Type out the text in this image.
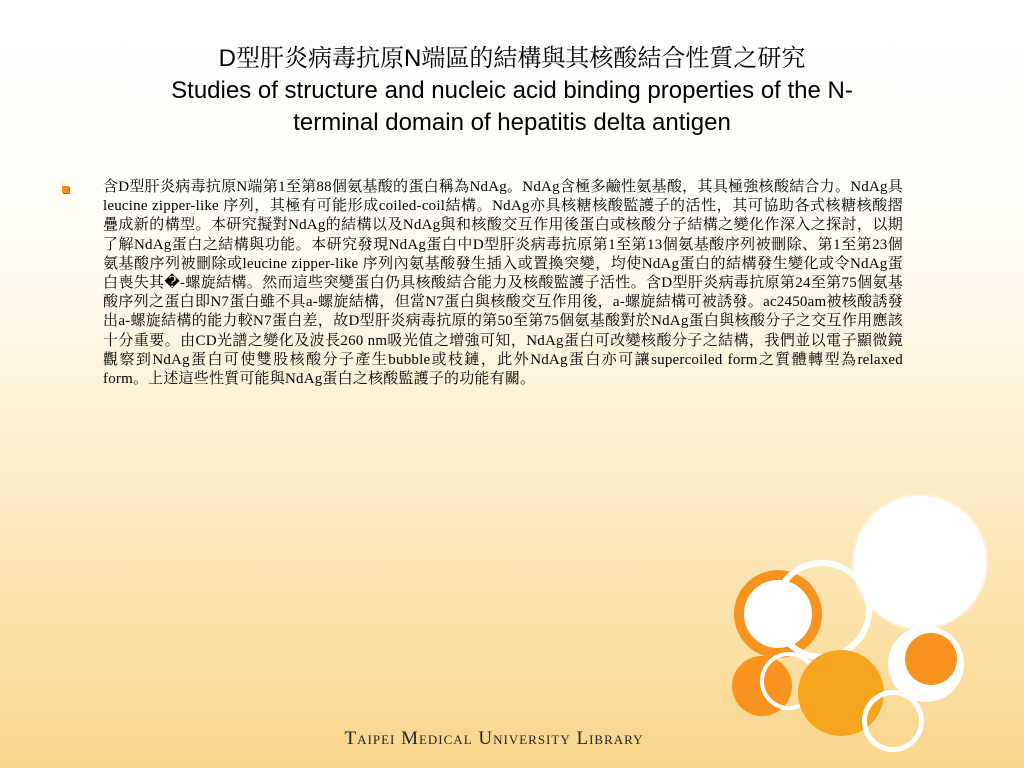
D型肝炎病毒抗原N端區的結構與其核酸結合性質之研究
Studies of structure and nucleic acid binding properties of the N-
terminal domain of hepatitis delta antigen
含D型肝炎病毒抗原N端第1至第88個氨基酸的蛋白稱為NdAg。NdAg含極多鹼性氨基酸，其具極強核酸結合力。NdAg具leucine zipper-like 序列，其極有可能形成coiled-coil結構。NdAg亦具核糖核酸監護子的活性，其可協助各式核糖核酸摺疊成新的構型。本研究擬對NdAg的結構以及NdAg與和核酸交互作用後蛋白或核酸分子結構之變化作深入之探討，以期了解NdAg蛋白之結構與功能。本研究發現NdAg蛋白中D型肝炎病毒抗原第1至第13個氨基酸序列被刪除、第1至第23個氨基酸序列被刪除或leucine zipper-like 序列內氨基酸發生插入或置換突變，均使NdAg蛋白的結構發生變化或令NdAg蛋白喪失其�-螺旋結構。然而這些突變蛋白仍具核酸結合能力及核酸監護子活性。含D型肝炎病毒抗原第24至第75個氨基酸序列之蛋白即N7蛋白雖不具a-螺旋結構，但當N7蛋白與核酸交互作用後，a-螺旋結構可被誘發。ac2450am被核酸誘發出a-螺旋結構的能力較N7蛋白差，故D型肝炎病毒抗原的第50至第75個氨基酸對於NdAg蛋白與核酸分子之交互作用應該十分重要。由CD光譜之變化及波長260 nm吸光值之增強可知，NdAg蛋白可改變核酸分子之結構，我們並以電子顯微鏡觀察到NdAg蛋白可使雙股核酸分子產生bubble或枝鏈，此外NdAg蛋白亦可讓supercoiled form之質體轉型為relaxed form。上述這些性質可能與NdAg蛋白之核酸監護子的功能有關。
Taipei Medical University Library
